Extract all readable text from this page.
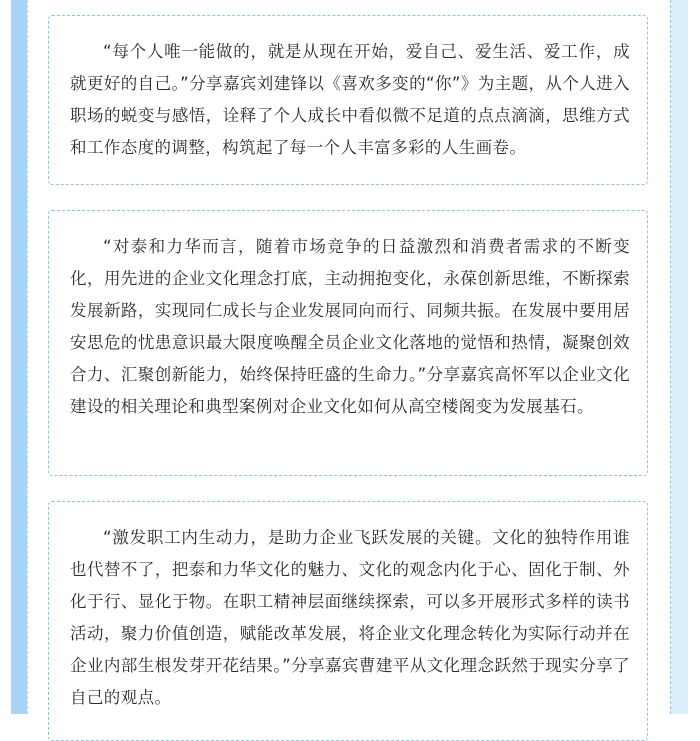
“每个人唯一能做的，就是从现在开始，爱自己、爱生活、爱工作，成就更好的自己。”分享嘉宾刘建锋以《喜欢多变的“你”》为主题，从个人进入职场的蜕变与感悟，诠释了个人成长中看似微不足道的点点滴滴，思维方式和工作态度的调整，构筑起了每一个人丰富多彩的人生画卷。

“对泰和力华而言，随着市场竞争的日益激烈和消费者需求的不断变化，用先进的企业文化理念打底，主动拥抱变化，永葆创新思维，不断探索发展新路，实现同仁成长与企业发展同向而行、同频共振。在发展中要用居安思危的忧患意识最大限度唤醒全员企业文化落地的觉悟和热情，凝聚创效合力、汇聚创新能力，始终保持旺盛的生命力。”分享嘉宾高怀军以企业文化建设的相关理论和典型案例对企业文化如何从高空楼阁变为发展基石。

“激发职工内生动力，是助力企业飞跃发展的关键。文化的独特作用谁也代替不了，把泰和力华文化的魅力、文化的观念内化于心、固化于制、外化于行、显化于物。在职工精神层面继续探索，可以多开展形式多样的读书活动，聚力价值创造，赋能改革发展，将企业文化理念转化为实际行动并在企业内部生根发芽开花结果。”分享嘉宾曹建平从文化理念跃然于现实分享了自己的观点。
